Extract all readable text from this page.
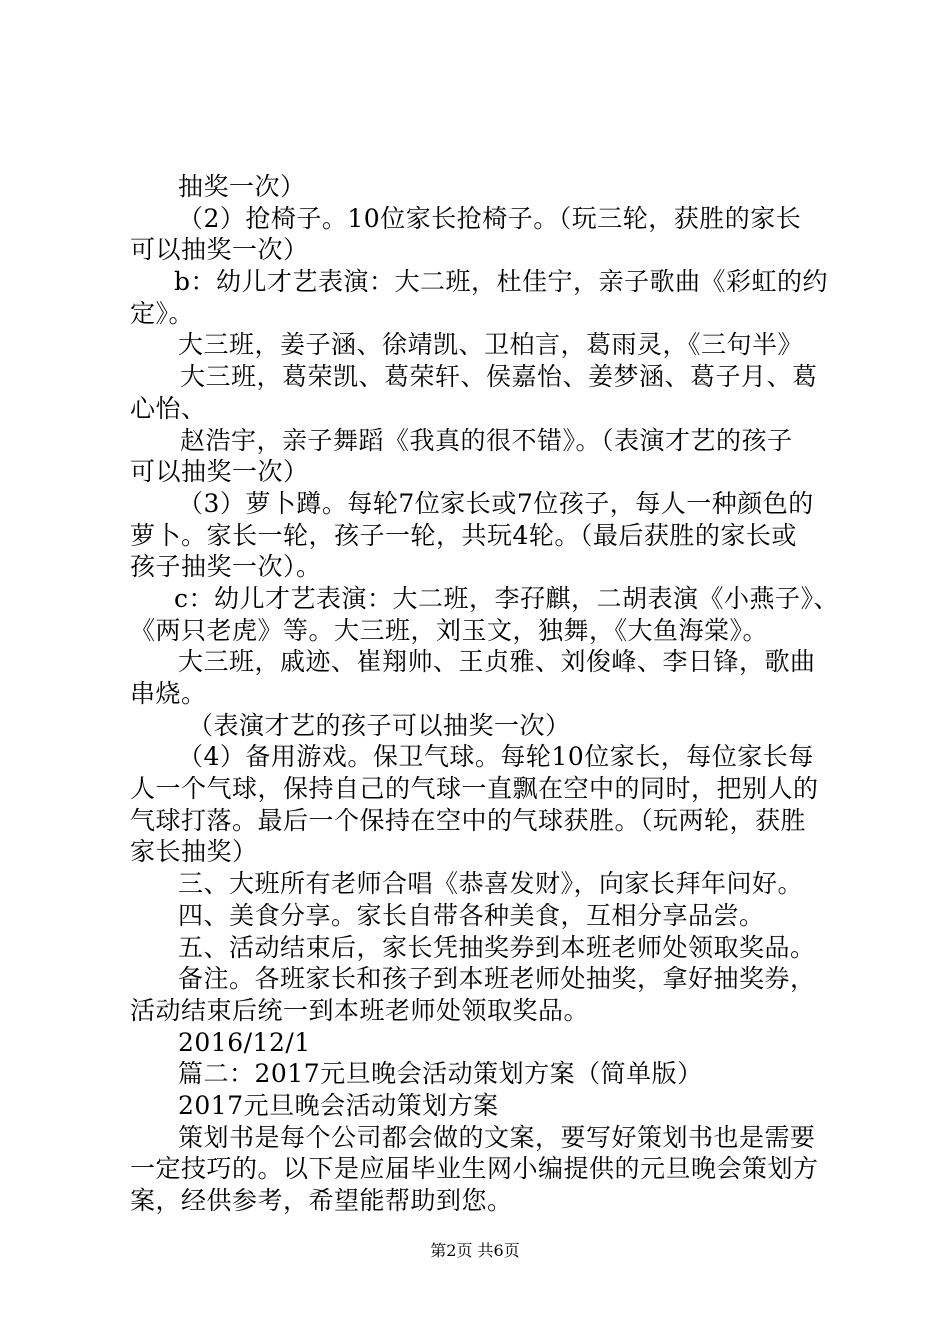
抽奖一次）
（2）抢椅子。10位家长抢椅子。（玩三轮，获胜的家长
可以抽奖一次）
b：幼儿才艺表演：大二班，杜佳宁，亲子歌曲《彩虹的约
定》。
大三班，姜子涵、徐靖凯、卫柏言，葛雨灵，《三句半》
大三班，葛荣凯、葛荣轩、侯嘉怡、姜梦涵、葛子月、葛
心怡、
赵浩宇，亲子舞蹈《我真的很不错》。（表演才艺的孩子
可以抽奖一次）
（3）萝卜蹲。每轮7位家长或7位孩子，每人一种颜色的
萝卜。家长一轮，孩子一轮，共玩4轮。（最后获胜的家长或
孩子抽奖一次）。
c：幼儿才艺表演：大二班，李孖麒，二胡表演《小燕子》、
《两只老虎》等。大三班，刘玉文，独舞，《大鱼海棠》。
大三班，戚迹、崔翔帅、王贞雅、刘俊峰、李日锋，歌曲
串烧。
（表演才艺的孩子可以抽奖一次）
（4）备用游戏。保卫气球。每轮10位家长，每位家长每
人一个气球，保持自己的气球一直飘在空中的同时，把别人的
气球打落。最后一个保持在空中的气球获胜。（玩两轮，获胜
家长抽奖）
三、大班所有老师合唱《恭喜发财》，向家长拜年问好。
四、美食分享。家长自带各种美食，互相分享品尝。
五、活动结束后，家长凭抽奖券到本班老师处领取奖品。
备注。各班家长和孩子到本班老师处抽奖，拿好抽奖券，
活动结束后统一到本班老师处领取奖品。
2016/12/1
篇二：2017元旦晚会活动策划方案（简单版）
2017元旦晚会活动策划方案
策划书是每个公司都会做的文案，要写好策划书也是需要
一定技巧的。以下是应届毕业生网小编提供的元旦晚会策划方
案，经供参考，希望能帮助到您。
第2页 共6页
